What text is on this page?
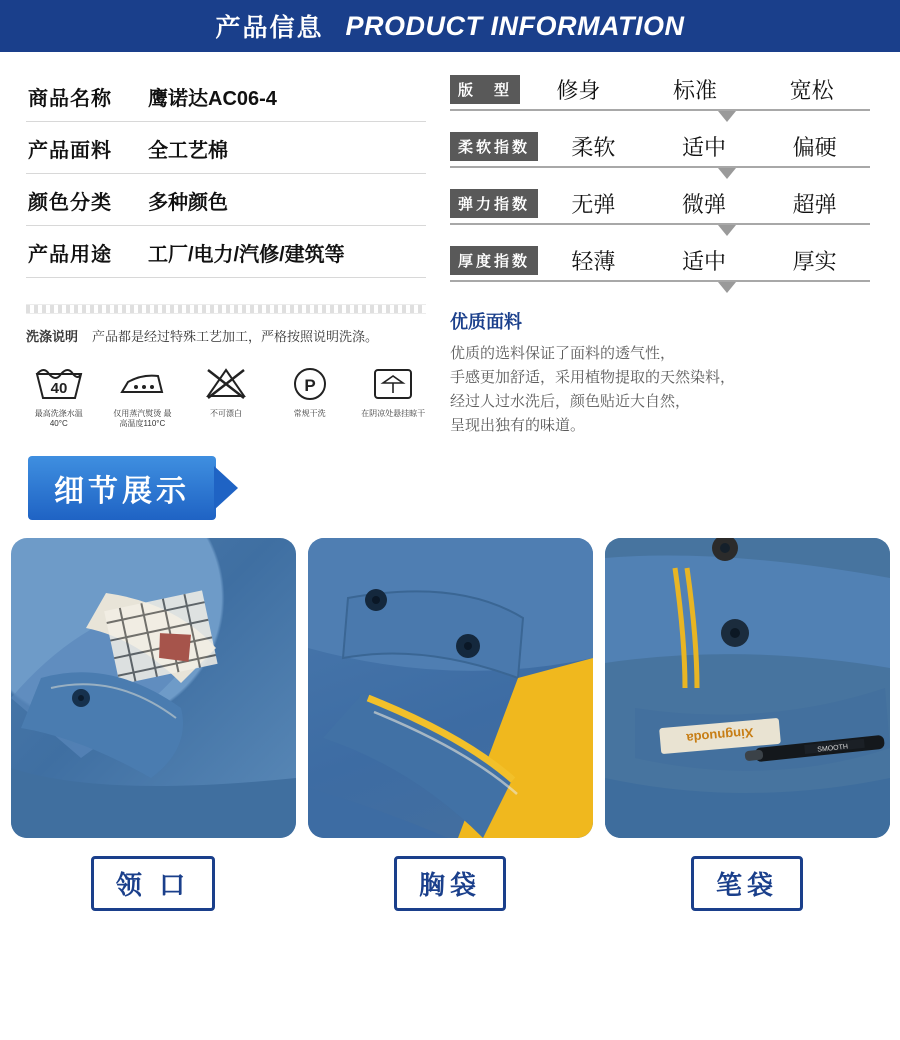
产品信息 PRODUCT INFORMATION
商品名称	鹰诺达AC06-4
产品面料	全工艺棉
颜色分类	多种颜色
产品用途	工厂/电力/汽修/建筑等
洗涤说明 产品都是经过特殊工艺加工，严格按照说明洗涤。
40
最高洗涤水温40°C
仅用蒸汽熨烫 最高温度110°C
不可漂白
P
常规干洗	在阴凉处悬挂晾干
版　型	修身	标准	宽松
柔软指数	柔软	适中	偏硬
弹力指数	无弹	微弹	超弹
厚度指数	轻薄	适中	厚实
优质面料
优质的选料保证了面料的透气性，
手感更加舒适，采用植物提取的天然染料，
经过人过水洗后，颜色贴近大自然，
呈现出独有的味道。
细节展示
领 口	胸袋
Xingnuoda
SMOOTH
笔袋
